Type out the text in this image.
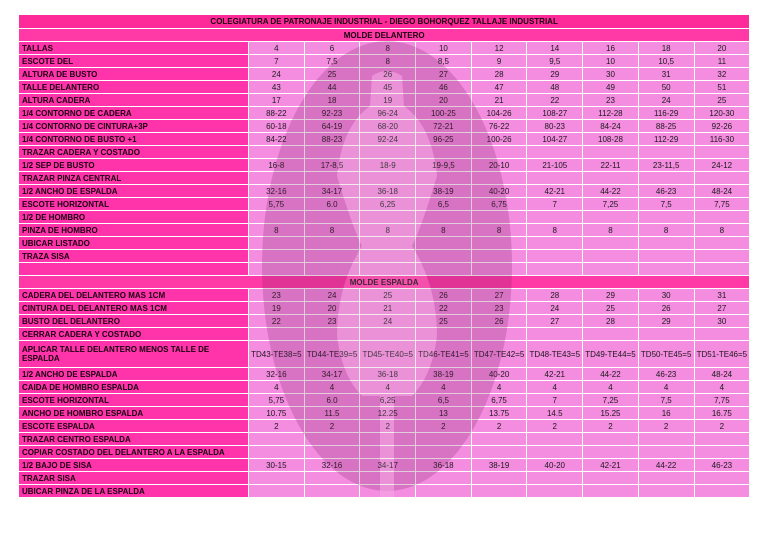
COLEGIATURA DE PATRONAJE INDUSTRIAL - DIEGO BOHORQUEZ TALLAJE INDUSTRIAL									
MOLDE DELANTERO									
TALLAS	4	6	8	10	12	14	16	18	20
ESCOTE DEL	7	7,5	8	8,5	9	9,5	10	10,5	11
ALTURA DE BUSTO	24	25	26	27	28	29	30	31	32
TALLE DELANTERO	43	44	45	46	47	48	49	50	51
ALTURA CADERA	17	18	19	20	21	22	23	24	25
1/4 CONTORNO DE CADERA	88-22	92-23	96-24	100-25	104-26	108-27	112-28	116-29	120-30
1/4 CONTORNO DE CINTURA+3P	60-18	64-19	68-20	72-21	76-22	80-23	84-24	88-25	92-26
1/4 CONTORNO DE BUSTO +1	84-22	88-23	92-24	96-25	100-26	104-27	108-28	112-29	116-30
TRAZAR CADERA Y COSTADO									
1/2 SEP DE BUSTO	16-8	17-8,5	18-9	19-9,5	20-10	21-105	22-11	23-11,5	24-12
TRAZAR PINZA CENTRAL									
1/2 ANCHO DE ESPALDA	32-16	34-17	36-18	38-19	40-20	42-21	44-22	46-23	48-24
ESCOTE HORIZONTAL	5,75	6.0	6,25	6,5	6,75	7	7,25	7,5	7,75
1/2 DE HOMBRO									
PINZA DE HOMBRO	8	8	8	8	8	8	8	8	8
UBICAR LISTADO									
TRAZA SISA									

MOLDE ESPALDA									
CADERA DEL DELANTERO MAS 1CM	23	24	25	26	27	28	29	30	31
CINTURA DEL DELANTERO MAS 1CM	19	20	21	22	23	24	25	26	27
BUSTO DEL DELANTERO	22	23	24	25	26	27	28	29	30
CERRAR CADERA Y COSTADO									
APLICAR TALLE DELANTERO MENOS TALLE DE ESPALDA	TD43-TE38=5	TD44-TE39=5	TD45-TE40=5	TD46-TE41=5	TD47-TE42=5	TD48-TE43=5	TD49-TE44=5	TD50-TE45=5	TD51-TE46=5
1/2 ANCHO DE ESPALDA	32-16	34-17	36-18	38-19	40-20	42-21	44-22	46-23	48-24
CAIDA DE HOMBRO ESPALDA	4	4	4	4	4	4	4	4	4
ESCOTE HORIZONTAL	5,75	6.0	6,25	6,5	6,75	7	7,25	7,5	7,75
ANCHO DE HOMBRO ESPALDA	10.75	11.5	12.25	13	13.75	14.5	15.25	16	16.75
ESCOTE ESPALDA	2	2	2	2	2	2	2	2	2
TRAZAR CENTRO ESPALDA									
COPIAR COSTADO DEL DELANTERO A LA ESPALDA									
1/2 BAJO DE SISA	30-15	32-16	34-17	36-18	38-19	40-20	42-21	44-22	46-23
TRAZAR SISA									
UBICAR PINZA DE LA ESPALDA									
